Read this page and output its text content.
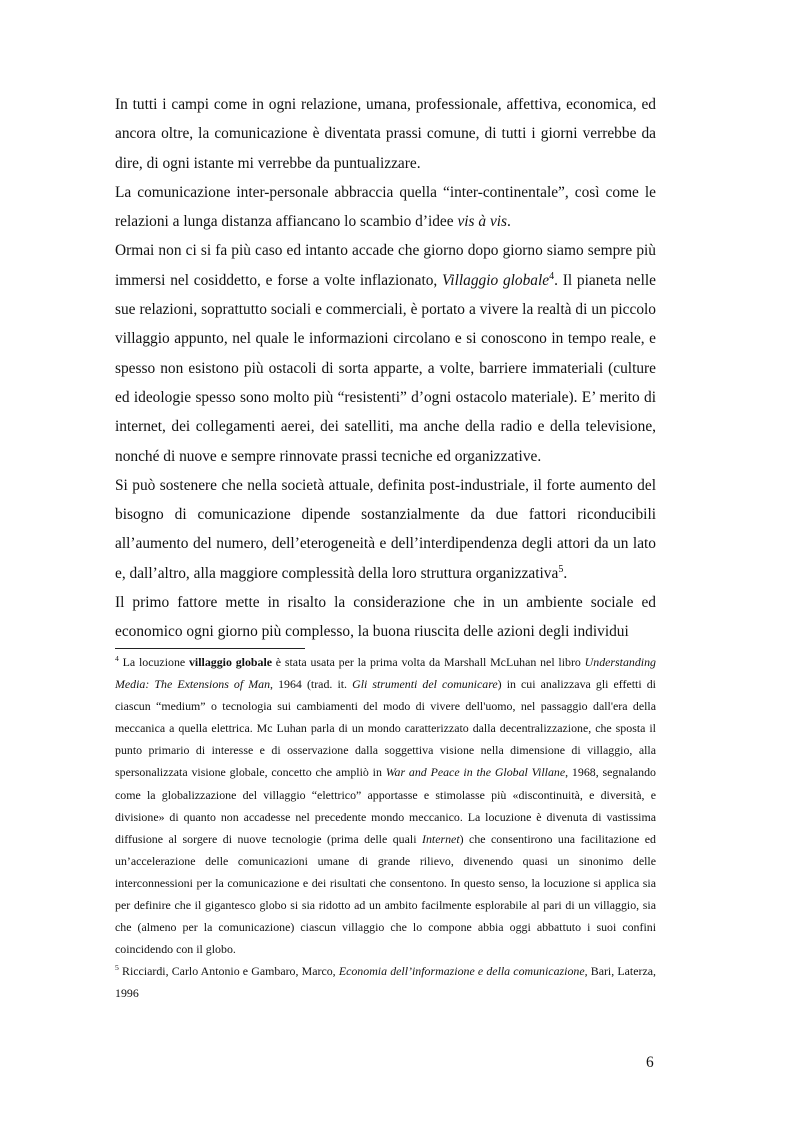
In tutti i campi come in ogni relazione, umana, professionale, affettiva, economica, ed ancora oltre, la comunicazione è diventata prassi comune, di tutti i giorni verrebbe da dire, di ogni istante mi verrebbe da puntualizzare.

La comunicazione inter-personale abbraccia quella “inter-continentale”, così come le relazioni a lunga distanza affiancano lo scambio d’idee vis à vis.

Ormai non ci si fa più caso ed intanto accade che giorno dopo giorno siamo sempre più immersi nel cosiddetto, e forse a volte inflazionato, Villaggio globale$^4$. Il pianeta nelle sue relazioni, soprattutto sociali e commerciali, è portato a vivere la realtà di un piccolo villaggio appunto, nel quale le informazioni circolano e si conoscono in tempo reale, e spesso non esistono più ostacoli di sorta apparte, a volte, barriere immateriali (culture ed ideologie spesso sono molto più “resistenti” d’ogni ostacolo materiale). E’ merito di internet, dei collegamenti aerei, dei satelliti, ma anche della radio e della televisione, nonché di nuove e sempre rinnovate prassi tecniche ed organizzative.

Si può sostenere che nella società attuale, definita post-industriale, il forte aumento del bisogno di comunicazione dipende sostanzialmente da due fattori riconducibili all’aumento del numero, dell’eterogeneità e dell’interdipendenza degli attori da un lato e, dall’altro, alla maggiore complessità della loro struttura organizzativa$^5$.

Il primo fattore mette in risalto la considerazione che in un ambiente sociale ed economico ogni giorno più complesso, la buona riuscita delle azioni degli individui

$^4$ La locuzione villaggio globale è stata usata per la prima volta da Marshall McLuhan nel libro Understanding Media: The Extensions of Man, 1964 (trad. it. Gli strumenti del comunicare) in cui analizzava gli effetti di ciascun “medium” o tecnologia sui cambiamenti del modo di vivere dell'uomo, nel passaggio dall'era della meccanica a quella elettrica. Mc Luhan parla di un mondo caratterizzato dalla decentralizzazione, che sposta il punto primario di interesse e di osservazione dalla soggettiva visione nella dimensione di villaggio, alla spersonalizzata visione globale, concetto che ampliò in War and Peace in the Global Villane, 1968, segnalando come la globalizzazione del villaggio “elettrico” apportasse e stimolasse più «discontinuità, e diversità, e divisione» di quanto non accadesse nel precedente mondo meccanico. La locuzione è divenuta di vastissima diffusione al sorgere di nuove tecnologie (prima delle quali Internet) che consentirono una facilitazione ed un’accelerazione delle comunicazioni umane di grande rilievo, divenendo quasi un sinonimo delle interconnessioni per la comunicazione e dei risultati che consentono. In questo senso, la locuzione si applica sia per definire che il gigantesco globo si sia ridotto ad un ambito facilmente esplorabile al pari di un villaggio, sia che (almeno per la comunicazione) ciascun villaggio che lo compone abbia oggi abbattuto i suoi confini coincidendo con il globo.

$^5$ Ricciardi, Carlo Antonio e Gambaro, Marco, Economia dell’informazione e della comunicazione, Bari, Laterza, 1996

6
